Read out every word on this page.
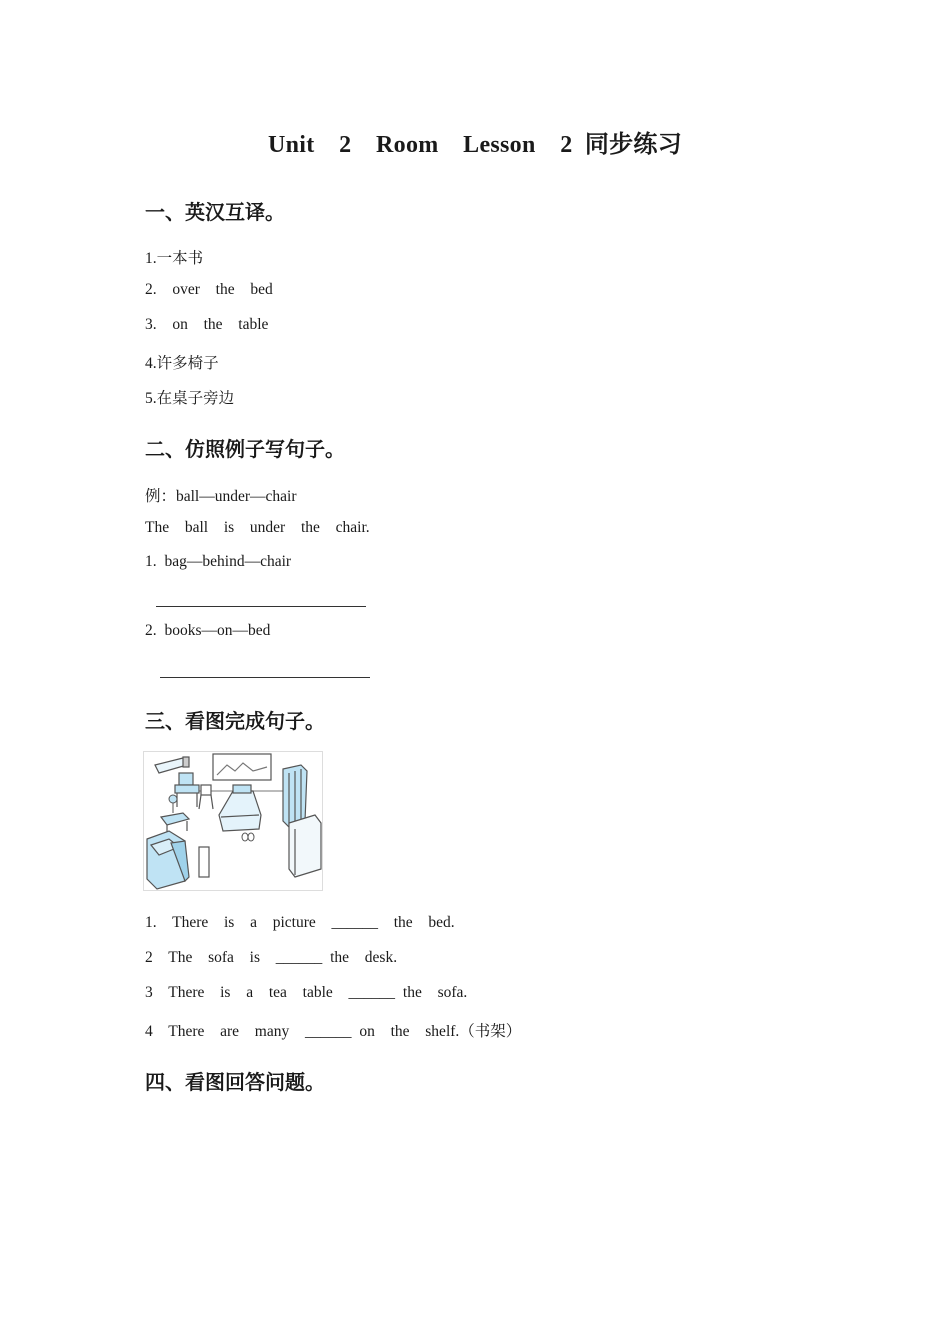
Unit  2  Room  Lesson  2 同步练习
一、英汉互译。
1.一本书
2.  over  the  bed
3.  on  the  table
4.许多椅子
5.在桌子旁边
二、仿照例子写句子。
例：ball—under—chair
The  ball  is  under  the  chair.
1. bag—behind—chair
2. books—on—bed
三、看图完成句子。
1.  There  is  a  picture  ______  the  bed.
2  The  sofa  is  ______ the  desk.
3  There  is  a  tea  table  ______ the  sofa.
4  There  are  many  ______ on  the  shelf.（书架）
四、看图回答问题。
